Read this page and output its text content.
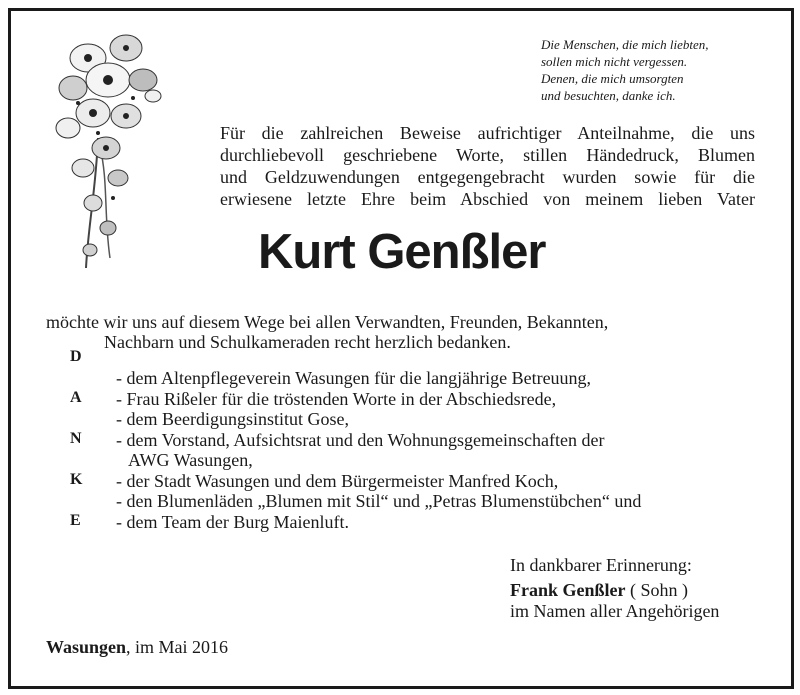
Die Menschen, die mich liebten,
sollen mich nicht vergessen.
Denen, die mich umsorgten
und besuchten, danke ich.
Für die zahlreichen Beweise aufrichtiger Anteilnahme, die uns
durchliebevoll geschriebene Worte, stillen Händedruck, Blumen
und Geldzuwendungen entgegengebracht wurden sowie für die
erwiesene letzte Ehre beim Abschied von meinem lieben Vater
Kurt Genßler
möchte wir uns auf diesem Wege bei allen Verwandten, Freunden, Bekannten,
Nachbarn und Schulkameraden recht herzlich bedanken.
D
A
N
K
E
- dem Altenpflegeverein Wasungen für die langjährige Betreuung,
- Frau Rißeler für die tröstenden Worte in der Abschiedsrede,
- dem Beerdigungsinstitut Gose,
- dem Vorstand, Aufsichtsrat und den Wohnungsgemeinschaften der
AWG Wasungen,
- der Stadt Wasungen und dem Bürgermeister Manfred Koch,
- den Blumenläden „Blumen mit Stil“ und „Petras Blumenstübchen“ und
- dem Team der Burg Maienluft.
In dankbarer Erinnerung:
Frank Genßler ( Sohn )
im Namen aller Angehörigen
Wasungen, im Mai 2016
